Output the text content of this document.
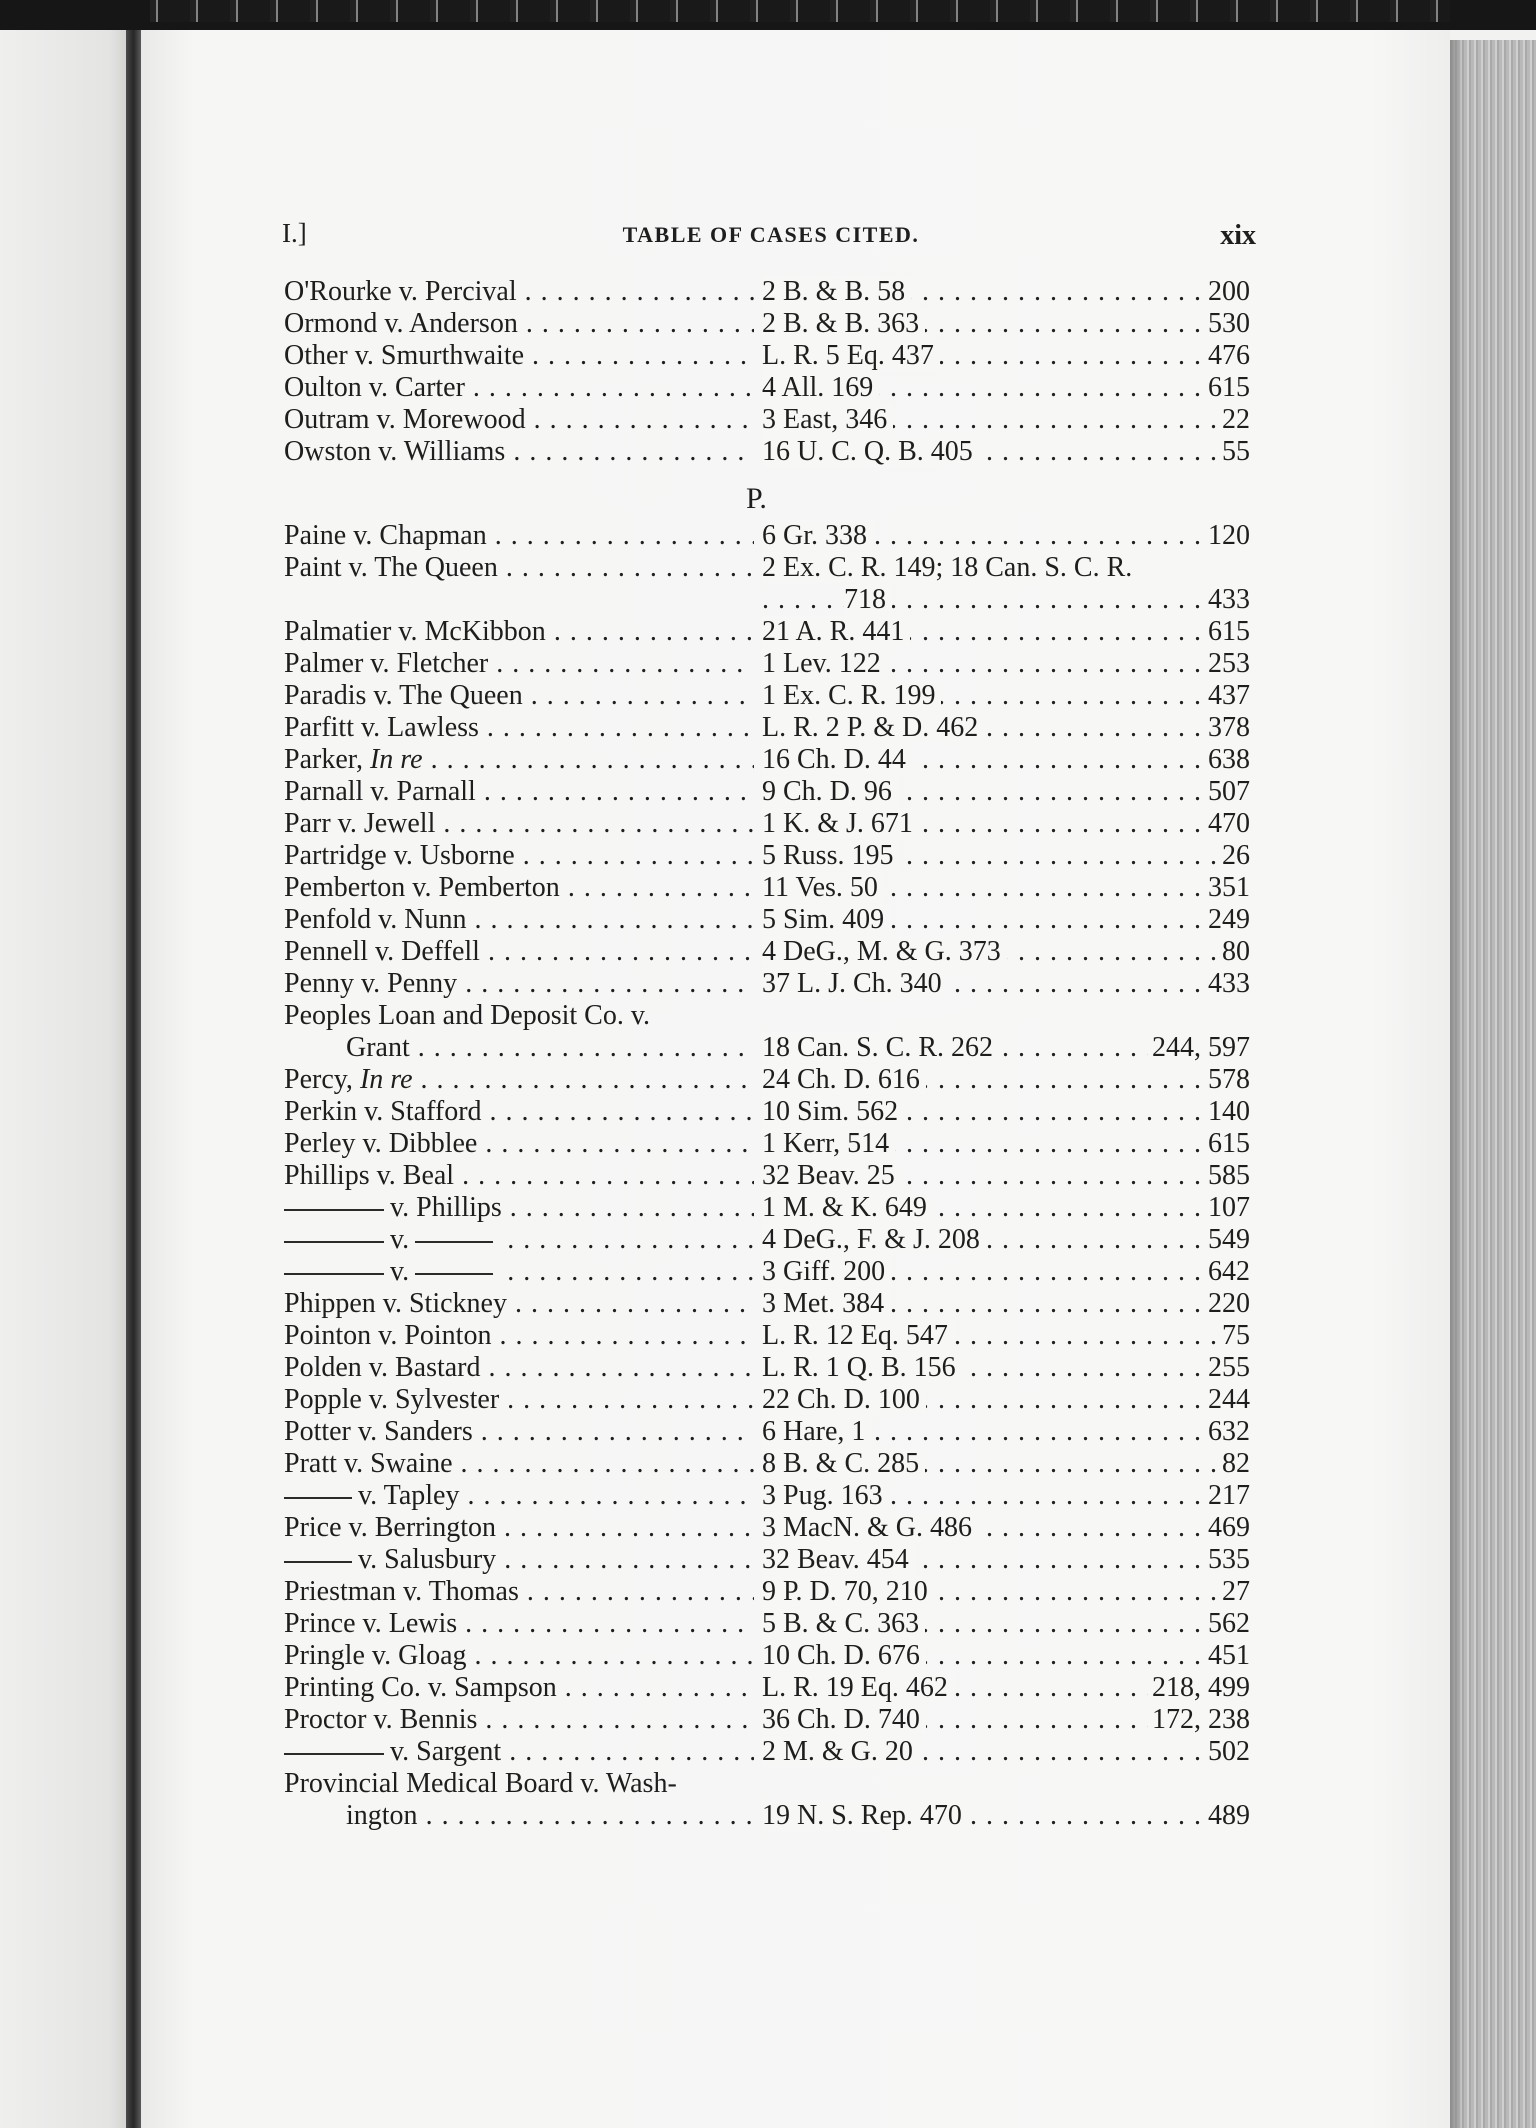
I.]	TABLE OF CASES CITED.	xix
P.
O'Rourke v. Percival . . . . . .	2 B. & B. 58	200
Ormond v. Anderson . . . . . .	2 B. & B. 363	530
Other v. Smurthwaite . . . . . .	L. R. 5 Eq. 437	476
Oulton v. Carter . . . . . .	4 All. 169	615
Outram v. Morewood . . . . . .	3 East, 346	22
Owston v. Williams . . . . . .	16 U. C. Q. B. 405	55
Paine v. Chapman . . . . . .	6 Gr. 338	120
Paint v. The Queen . . .	2 Ex. C. R. 149; 18 Can. S. C. R.
. . .
718	433
Palmatier v. McKibbon . . . . . .	21 A. R. 441	615
Palmer v. Fletcher . . . . . .	1 Lev. 122	253
Paradis v. The Queen . . . . . .	1 Ex. C. R. 199	437
Parfitt v. Lawless . . . . . .	L. R. 2 P. & D. 462	378
Parker, In re . . . . . .	16 Ch. D. 44	638
Parnall v. Parnall . . . . . .	9 Ch. D. 96	507
Parr v. Jewell . . . . . .	1 K. & J. 671	470
Partridge v. Usborne . . . . . .	5 Russ. 195	26
Pemberton v. Pemberton . . . . . .	11 Ves. 50	351
Penfold v. Nunn . . . . . .	5 Sim. 409	249
Pennell v. Deffell . . . . . .	4 DeG., M. & G. 373	80
Penny v. Penny . . . . . .	37 L. J. Ch. 340	433
Peoples Loan and Deposit Co. v.
Grant . . . . . .	18 Can. S. C. R. 262	244, 597
Percy, In re . . . . . .	24 Ch. D. 616	578
Perkin v. Stafford . . . . . .	10 Sim. 562	140
Perley v. Dibblee . . . . . .	1 Kerr, 514	615
Phillips v. Beal . . . . . .	32 Beav. 25	585
v. Phillips . . . . . .	1 M. & K. 649	107
v. . . . . . .	4 DeG., F. & J. 208	549
v. . . . . . .	3 Giff. 200	642
Phippen v. Stickney . . . . . .	3 Met. 384	220
Pointon v. Pointon . . . . . .	L. R. 12 Eq. 547	75
Polden v. Bastard . . . . . .	L. R. 1 Q. B. 156	255
Popple v. Sylvester . . . . . .	22 Ch. D. 100	244
Potter v. Sanders . . . . . .	6 Hare, 1	632
Pratt v. Swaine . . . . . .	8 B. & C. 285	82
v. Tapley . . . . . .	3 Pug. 163	217
Price v. Berrington . . . . . .	3 MacN. & G. 486	469
v. Salusbury . . . . . .	32 Beav. 454	535
Priestman v. Thomas . . . . . .	9 P. D. 70, 210	27
Prince v. Lewis . . . . . .	5 B. & C. 363	562
Pringle v. Gloag . . . . . .	10 Ch. D. 676	451
Printing Co. v. Sampson . . . . . .	L. R. 19 Eq. 462	218, 499
Proctor v. Bennis . . . . . .	36 Ch. D. 740	172, 238
v. Sargent . . . . . .	2 M. & G. 20	502
Provincial Medical Board v. Wash-
ington . . . . . .	19 N. S. Rep. 470	489
